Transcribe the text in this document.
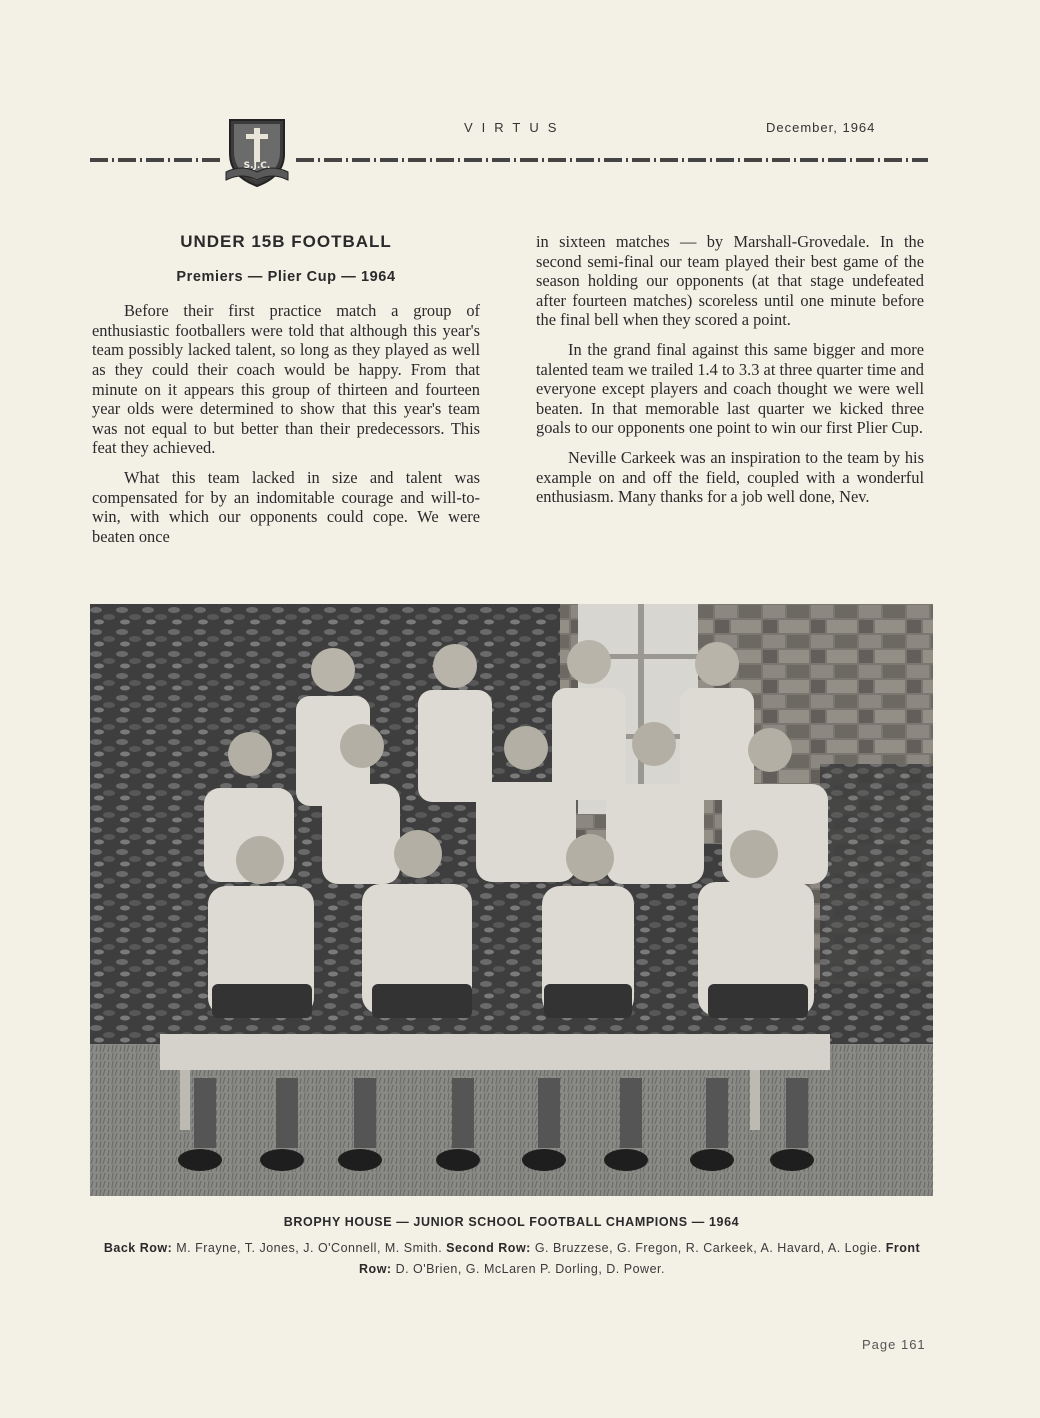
S.J.C.
VIRTUS	December, 1964
UNDER 15B FOOTBALL
Premiers — Plier Cup — 1964

Before their first practice match a group of enthusiastic footballers were told that although this year's team possibly lacked talent, so long as they played as well as they could their coach would be happy. From that minute on it appears this group of thirteen and fourteen year olds were determined to show that this year's team was not equal to but better than their predecessors. This feat they achieved.

What this team lacked in size and talent was compensated for by an indomitable courage and will-to-win, with which our opponents could cope. We were beaten once

in sixteen matches — by Marshall-Grovedale. In the second semi-final our team played their best game of the season holding our opponents (at that stage undefeated after fourteen matches) scoreless until one minute before the final bell when they scored a point.

In the grand final against this same bigger and more talented team we trailed 1.4 to 3.3 at three quarter time and everyone except players and coach thought we were well beaten. In that memorable last quarter we kicked three goals to our opponents one point to win our first Plier Cup.

Neville Carkeek was an inspiration to the team by his example on and off the field, coupled with a wonderful enthusiasm. Many thanks for a job well done, Nev.

BROPHY HOUSE — JUNIOR SCHOOL FOOTBALL CHAMPIONS — 1964
Back Row: M. Frayne, T. Jones, J. O'Connell, M. Smith. Second Row: G. Bruzzese, G. Fregon, R. Carkeek, A. Havard, A. Logie. Front Row: D. O'Brien, G. McLaren P. Dorling, D. Power.
Page 161
